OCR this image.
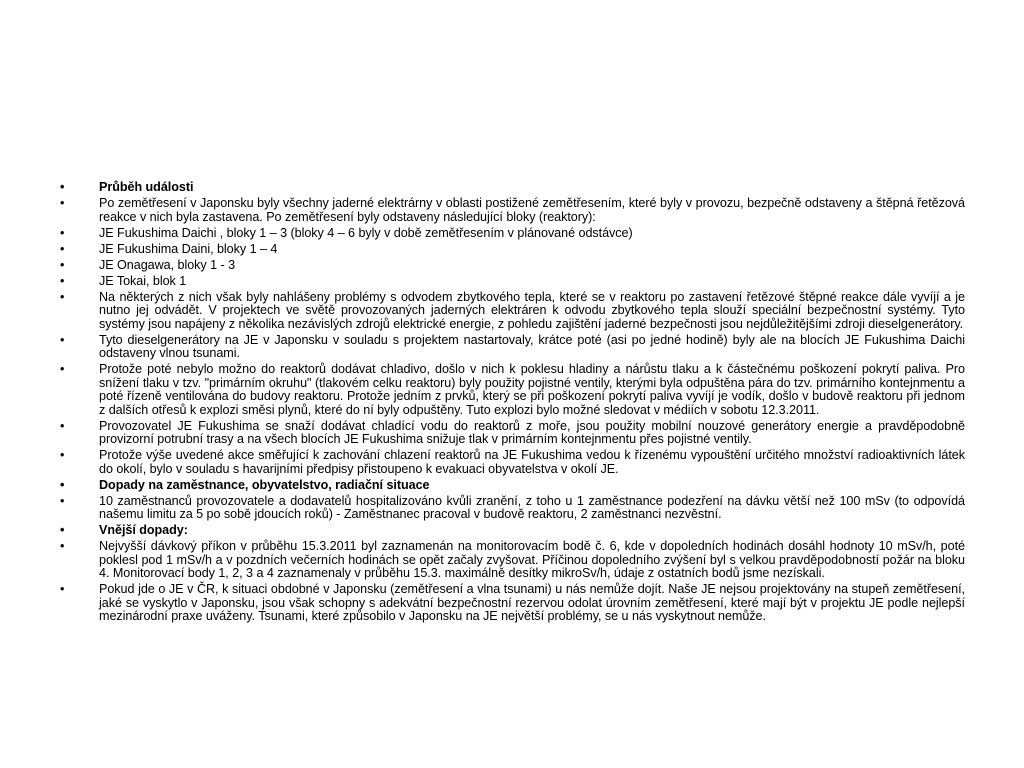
•	Průběh události
•	Po zemětřesení v Japonsku byly všechny jaderné elektrárny v oblasti postižené zemětřesením, které byly v provozu, bezpečně odstaveny a štěpná řetězová reakce v nich byla zastavena. Po zemětřesení byly odstaveny následující bloky (reaktory):
•	JE Fukushima Daichi , bloky 1 – 3 (bloky 4 – 6 byly v době zemětřesením v plánované odstávce)
•	JE Fukushima Daini, bloky 1 – 4
•	JE Onagawa, bloky 1 - 3
•	JE Tokai, blok 1
•	Na některých z nich však byly nahlášeny problémy s odvodem zbytkového tepla, které se v reaktoru po zastavení řetězové štěpné reakce dále vyvíjí a je nutno jej odvádět. V projektech ve světě provozovaných jaderných elektráren k odvodu zbytkového tepla slouží speciální bezpečnostní systémy. Tyto systémy jsou napájeny z několika nezávislých zdrojů elektrické energie, z pohledu zajištění jaderné bezpečnosti jsou nejdůležitějšími zdroji dieselgenerátory.
•	Tyto dieselgenerátory na JE v Japonsku v souladu s projektem nastartovaly, krátce poté (asi po jedné hodině) byly ale na blocích JE Fukushima Daichi odstaveny vlnou tsunami.
•	Protože poté nebylo možno do reaktorů dodávat chladivo, došlo v nich k poklesu hladiny a nárůstu tlaku a k částečnému poškození pokrytí paliva. Pro snížení tlaku v tzv. "primárním okruhu" (tlakovém celku reaktoru) byly použity pojistné ventily, kterými byla odpuštěna pára do tzv. primárního kontejnmentu a poté řízeně ventilována do budovy reaktoru. Protože jedním z prvků, který se při poškození pokrytí paliva vyvíjí je vodík, došlo v budově reaktoru při jednom z dalších otřesů k explozi směsi plynů, které do ní byly odpuštěny. Tuto explozi bylo možné sledovat v médiích v sobotu 12.3.2011.
•	Provozovatel JE Fukushima se snaží dodávat chladící vodu do reaktorů z moře, jsou použity mobilní nouzové generátory energie a pravděpodobně provizorní potrubní trasy a na všech blocích JE Fukushima snižuje tlak v primárním kontejnmentu přes pojistné ventily.
•	Protože výše uvedené akce směřující k zachování chlazení reaktorů na JE Fukushima vedou k řízenému vypouštění určitého množství radioaktivních látek do okolí, bylo v souladu s havarijními předpisy přistoupeno k evakuaci obyvatelstva v okolí JE.
•	Dopady na zaměstnance, obyvatelstvo, radiační situace
•	10 zaměstnanců provozovatele a dodavatelů hospitalizováno kvůli zranění, z toho u 1 zaměstnance podezření na dávku větší než 100 mSv (to odpovídá našemu limitu za 5 po sobě jdoucích roků) - Zaměstnanec pracoval v budově reaktoru, 2 zaměstnanci nezvěstní.
•	Vnější dopady:
•	Nejvyšší dávkový příkon v průběhu 15.3.2011 byl zaznamenán na monitorovacím bodě č. 6, kde v dopoledních hodinách dosáhl hodnoty 10 mSv/h, poté poklesl pod 1 mSv/h a v pozdních večerních hodinách se opět začaly zvyšovat. Příčinou dopoledního zvýšení byl s velkou pravděpodobností požár na bloku 4. Monitorovací body 1, 2, 3 a 4 zaznamenaly v průběhu 15.3. maximálně desítky mikroSv/h, údaje z ostatních bodů jsme nezískali.
•	Pokud jde o JE v ČR, k situaci obdobné v Japonsku (zemětřesení a vlna tsunami) u nás nemůže dojít. Naše JE nejsou projektovány na stupeň zemětřesení, jaké se vyskytlo v Japonsku, jsou však schopny s adekvátní bezpečnostní rezervou odolat úrovním zemětřesení, které mají být v projektu JE podle nejlepší mezinárodní praxe uváženy. Tsunami, které způsobilo v Japonsku na JE největší problémy, se u nás vyskytnout nemůže.
